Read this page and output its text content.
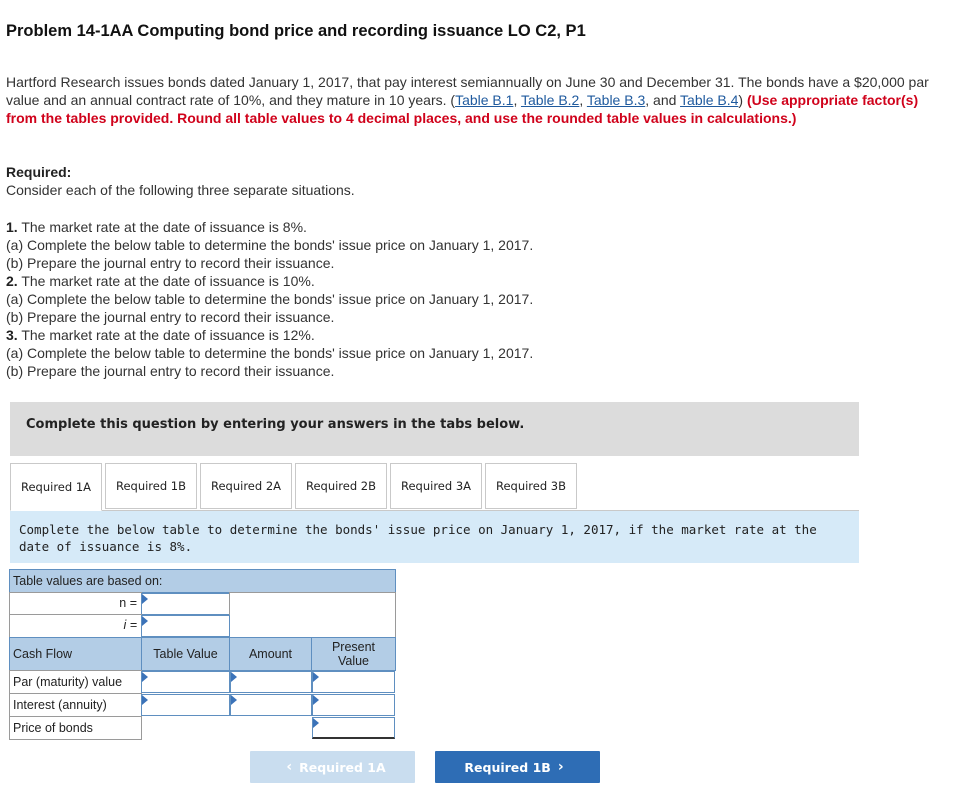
Problem 14-1AA Computing bond price and recording issuance LO C2, P1
Hartford Research issues bonds dated January 1, 2017, that pay interest semiannually on June 30 and December 31. The bonds have a $20,000 par value and an annual contract rate of 10%, and they mature in 10 years. (Table B.1, Table B.2, Table B.3, and Table B.4) (Use appropriate factor(s) from the tables provided. Round all table values to 4 decimal places, and use the rounded table values in calculations.)
Required:
Consider each of the following three separate situations.
1. The market rate at the date of issuance is 8%.
(a) Complete the below table to determine the bonds' issue price on January 1, 2017.
(b) Prepare the journal entry to record their issuance.
2. The market rate at the date of issuance is 10%.
(a) Complete the below table to determine the bonds' issue price on January 1, 2017.
(b) Prepare the journal entry to record their issuance.
3. The market rate at the date of issuance is 12%.
(a) Complete the below table to determine the bonds' issue price on January 1, 2017.
(b) Prepare the journal entry to record their issuance.
Complete this question by entering your answers in the tabs below.
Required 1A	Required 1B	Required 2A	Required 2B	Required 3A	Required 3B
Complete the below table to determine the bonds' issue price on January 1, 2017, if the market rate at the date of issuance is 8%.
Table values are based on:
n =
i =
Cash Flow	Table Value	Amount	Present
Value
Par (maturity) value
Interest (annuity)
Price of bonds
‹ Required 1A	Required 1B ›
